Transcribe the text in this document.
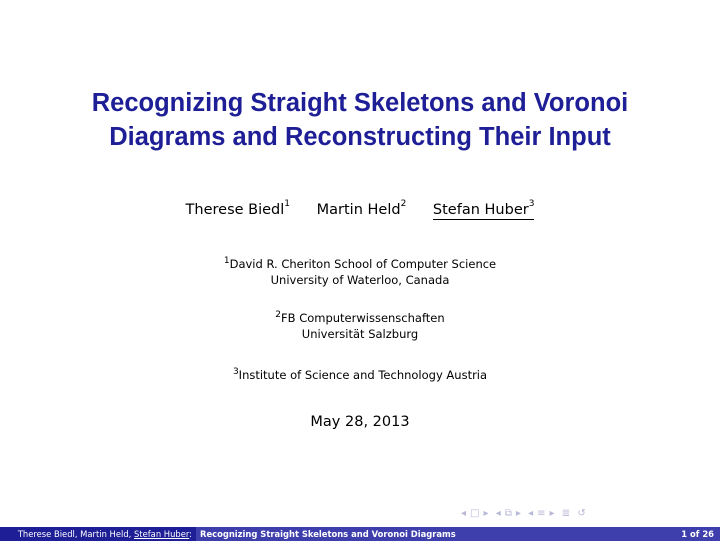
Recognizing Straight Skeletons and Voronoi
Diagrams and Reconstructing Their Input
Therese Biedl$^1$ Martin Held$^2$ Stefan Huber$^3$
$^1$David R. Cheriton School of Computer Science
University of Waterloo, Canada
$^2$FB Computerwissenschaften
Universität Salzburg
$^3$Institute of Science and Technology Austria
May 28, 2013
◂ □ ▸ ◂ ⧉ ▸ ◂ ≡ ▸ ≣ ↺
Therese Biedl, Martin Held, Stefan Huber: Recognizing Straight Skeletons and Voronoi Diagrams	1 of 26
